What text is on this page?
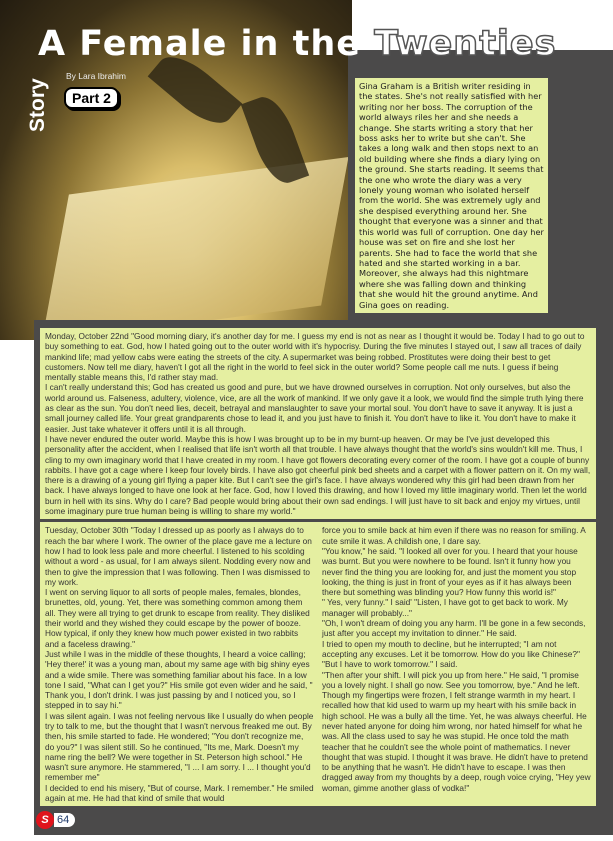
A Female in the Twenties
By Lara Ibrahim
Part 2
Story	Gina Graham is a British writer residing in the states. She's not really satisfied with her writing nor her boss. The corruption of the world always riles her and she needs a change. She starts writing a story that her boss asks her to write but she can't. She takes a long walk and then stops next to an old building where she finds a diary lying on the ground. She starts reading. It seems that the one who wrote the diary was a very lonely young woman who isolated herself from the world. She was extremely ugly and she despised everything around her. She thought that everyone was a sinner and that this world was full of corruption. One day her house was set on fire and she lost her parents. She had to face the world that she hated and she started working in a bar. Moreover, she always had this nightmare where she was falling down and thinking that she would hit the ground anytime. And Gina goes on reading.

Monday, October 22nd "Good morning diary, it's another day for me. I guess my end is not as near as I thought it would be. Today I had to go out to buy something to eat. God, how I hated going out to the outer world with it's hypocrisy. During the five minutes I stayed out, I saw all traces of daily mankind life; mad yellow cabs were eating the streets of the city. A supermarket was being robbed. Prostitutes were doing their best to get customers. Now tell me diary, haven't I got all the right in the world to feel sick in the outer world? Some people call me nuts. I guess if being mentally stable means this, I'd rather stay mad.

I can't really understand this; God has created us good and pure, but we have drowned ourselves in corruption. Not only ourselves, but also the world around us. Falseness, adultery, violence, vice, are all the work of mankind. If we only gave it a look, we would find the simple truth lying there as clear as the sun. You don't need lies, deceit, betrayal and manslaughter to save your mortal soul. You don't have to save it anyway. It is just a small journey called life. Your great grandparents chose to lead it, and you just have to finish it. You don't have to like it. You don't have to make it easier. Just take whatever it offers until it is all through.

I have never endured the outer world. Maybe this is how I was brought up to be in my burnt-up heaven. Or may be I've just developed this personality after the accident, when I realised that life isn't worth all that trouble. I have always thought that the world's sins wouldn't kill me. Thus, I cling to my own imaginary world that I have created in my room. I have got flowers decorating every corner of the room. I have got a couple of bunny rabbits. I have got a cage where I keep four lovely birds. I have also got cheerful pink bed sheets and a carpet with a flower pattern on it. On my wall, there is a drawing of a young girl flying a paper kite. But I can't see the girl's face. I have always wondered why this girl had been drawn from her back. I have always longed to have one look at her face. God, how I loved this drawing, and how I loved my little imaginary world. Then let the world burn in hell with its sins. Why do I care? Bad people would bring about their own sad endings. I will just have to sit back and enjoy my virtues, until some imaginary pure true human being is willing to share my world."

Tuesday, October 30th "Today I dressed up as poorly as I always do to reach the bar where I work. The owner of the place gave me a lecture on how I had to look less pale and more cheerful. I listened to his scolding without a word - as usual, for I am always silent. Nodding every now and then to give the impression that I was following. Then I was dismissed to my work.

I went on serving liquor to all sorts of people males, females, blondes, brunettes, old, young. Yet, there was something common among them all. They were all trying to get drunk to escape from reality. They disliked their world and they wished they could escape by the power of booze. How typical, if only they knew how much power existed in two rabbits and a faceless drawing."

Just while I was in the middle of these thoughts, I heard a voice calling; 'Hey there!' it was a young man, about my same age with big shiny eyes and a wide smile. There was something familiar about his face. In a low tone I said, "What can I get you?" His smile got even wider and he said, " Thank you, I don't drink. I was just passing by and I noticed you, so I stepped in to say hi."

I was silent again. I was not feeling nervous like I usually do when people try to talk to me, but the thought that I wasn't nervous freaked me out. By then, his smile started to fade. He wondered; "You don't recognize me, do you?" I was silent still. So he continued, "Its me, Mark. Doesn't my name ring the bell? We were together in St. Peterson high school." He wasn't sure anymore. He stammered, "I ... I am sorry. I ... I thought you'd remember me"

I decided to end his misery, "But of course, Mark. I remember." He smiled again at me. He had that kind of smile that would

force you to smile back at him even if there was no reason for smiling. A cute smile it was. A childish one, I dare say.

"You know," he said. "I looked all over for you. I heard that your house was burnt. But you were nowhere to be found. Isn't it funny how you never find the thing you are looking for, and just the moment you stop looking, the thing is just in front of your eyes as if it has always been there but something was blinding you? How funny this world is!"

" Yes, very funny." I said' "Listen, I have got to get back to work. My manager will probably..."

"Oh, I won't dream of doing you any harm. I'll be gone in a few seconds, just after you accept my invitation to dinner." He said.

I tried to open my mouth to decline, but he interrupted; "I am not accepting any excuses. Let it be tomorrow. How do you like Chinese?"

"But I have to work tomorrow." I said.

"Then after your shift. I will pick you up from here." He said, "I promise you a lovely night. I shall go now. See you tomorrow, bye." And he left.

Though my fingertips were frozen, I felt strange warmth in my heart. I recalled how that kid used to warm up my heart with his smile back in high school. He was a bully all the time. Yet, he was always cheerful. He never hated anyone for doing him wrong, nor hated himself for what he was. All the class used to say he was stupid. He once told the math teacher that he couldn't see the whole point of mathematics. I never thought that was stupid. I thought it was brave. He didn't have to pretend to be anything that he wasn't. He didn't have to escape. I was then dragged away from my thoughts by a deep, rough voice crying, "Hey yew woman, gimme another glass of vodka!"

S 64
